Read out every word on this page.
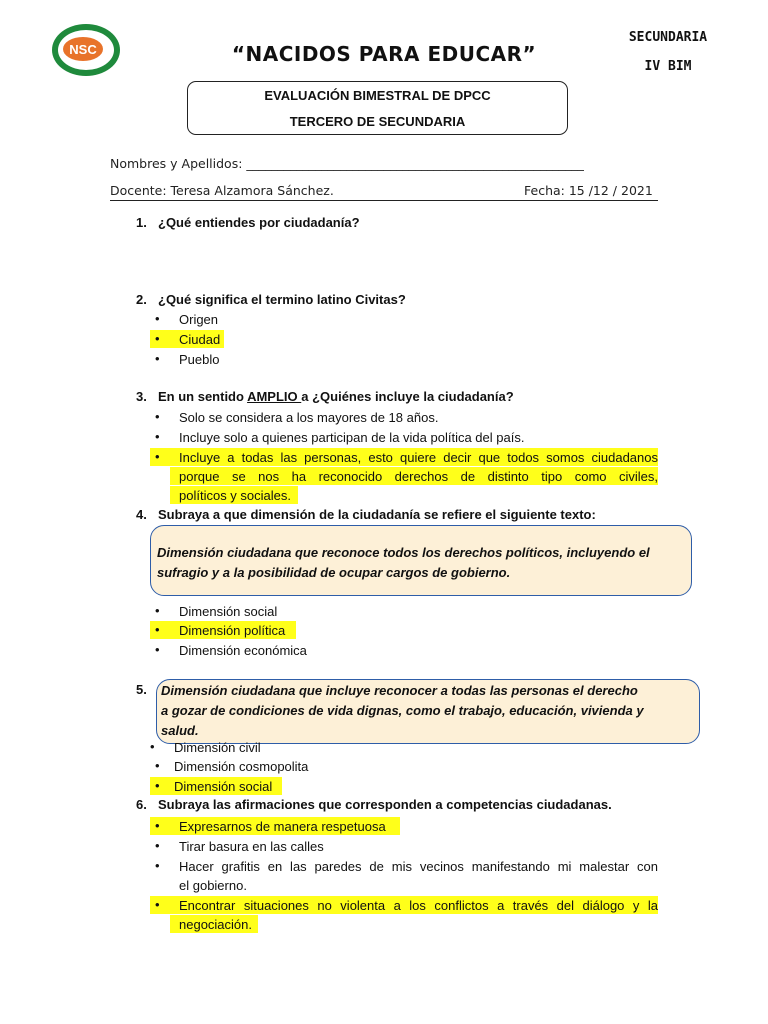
NSC	“NACIDOS PARA EDUCAR”
SECUNDARIA
IV BIM
EVALUACIÓN BIMESTRAL DE DPCC
TERCERO DE SECUNDARIA
Nombres y Apellidos: ______________________________________________________
Docente: Teresa Alzamora Sánchez.	Fecha: 15 /12 / 2021
1. ¿Qué entiendes por ciudadanía?
2. ¿Qué significa el termino latino Civitas?
• Origen
• Ciudad
• Pueblo
3. En un sentido AMPLIO a ¿Quiénes incluye la ciudadanía?
• Solo se considera a los mayores de 18 años.
• Incluye solo a quienes participan de la vida política del país.
• Incluye a todas las personas, esto quiere decir que todos somos ciudadanos
porque se nos ha reconocido derechos de distinto tipo como civiles,
políticos y sociales.
4. Subraya a que dimensión de la ciudadanía se refiere el siguiente texto:
Dimensión ciudadana que reconoce todos los derechos políticos, incluyendo el
sufragio y a la posibilidad de ocupar cargos de gobierno.
• Dimensión social
• Dimensión política
• Dimensión económica
5. Dimensión ciudadana que incluye reconocer a todas las personas el derecho
a gozar de condiciones de vida dignas, como el trabajo, educación, vivienda y
salud.
• Dimensión civil
• Dimensión cosmopolita
• Dimensión social
6. Subraya las afirmaciones que corresponden a competencias ciudadanas.
• Expresarnos de manera respetuosa
• Tirar basura en las calles
• Hacer grafitis en las paredes de mis vecinos manifestando mi malestar con
el gobierno.
• Encontrar situaciones no violenta a los conflictos a través del diálogo y la
negociación.
